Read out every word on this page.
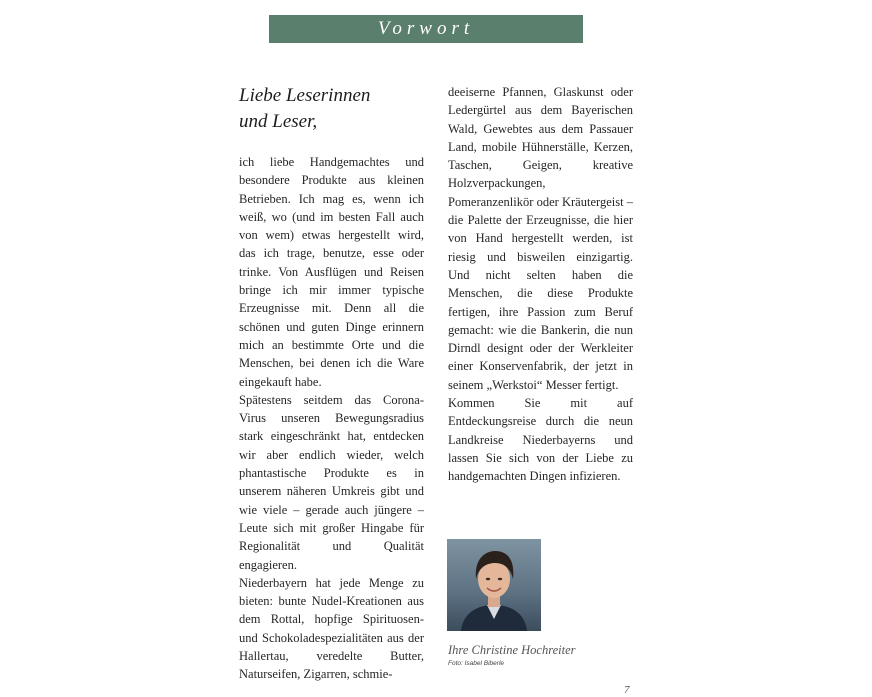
Vorwort
Liebe Leserinnen
und Leser,

ich liebe Handgemachtes und besondere Produkte aus kleinen Betrieben. Ich mag es, wenn ich weiß, wo (und im besten Fall auch von wem) etwas hergestellt wird, das ich trage, benutze, esse oder trinke. Von Ausflügen und Reisen bringe ich mir immer typische Erzeugnisse mit. Denn all die schönen und guten Dinge erinnern mich an bestimmte Orte und die Menschen, bei denen ich die Ware eingekauft habe.

Spätestens seitdem das Corona-Virus unseren Bewegungsradius stark eingeschränkt hat, entdecken wir aber endlich wieder, welch phantastische Produkte es in unserem näheren Umkreis gibt und wie viele – gerade auch jüngere – Leute sich mit großer Hingabe für Regionalität und Qualität engagieren.

Niederbayern hat jede Menge zu bieten: bunte Nudel-Kreationen aus dem Rottal, hopfige Spirituosen- und Schokoladespezialitäten aus der Hallertau, veredelte Butter, Naturseifen, Zigarren, schmie-

deeiserne Pfannen, Glaskunst oder Ledergürtel aus dem Bayerischen Wald, Gewebtes aus dem Passauer Land, mobile Hühnerställe, Kerzen, Taschen, Geigen, kreative Holzverpackungen, Pomeranzenlikör oder Kräutergeist – die Palette der Erzeugnisse, die hier von Hand hergestellt werden, ist riesig und bisweilen einzigartig. Und nicht selten haben die Menschen, die diese Produkte fertigen, ihre Passion zum Beruf gemacht: wie die Bankerin, die nun Dirndl designt oder der Werkleiter einer Konservenfabrik, der jetzt in seinem „Werkstoi“ Messer fertigt.

Kommen Sie mit auf Entdeckungsreise durch die neun Landkreise Niederbayerns und lassen Sie sich von der Liebe zu handgemachten Dingen infizieren.

Ihre Christine Hochreiter
Foto: Isabel Biberle
7
